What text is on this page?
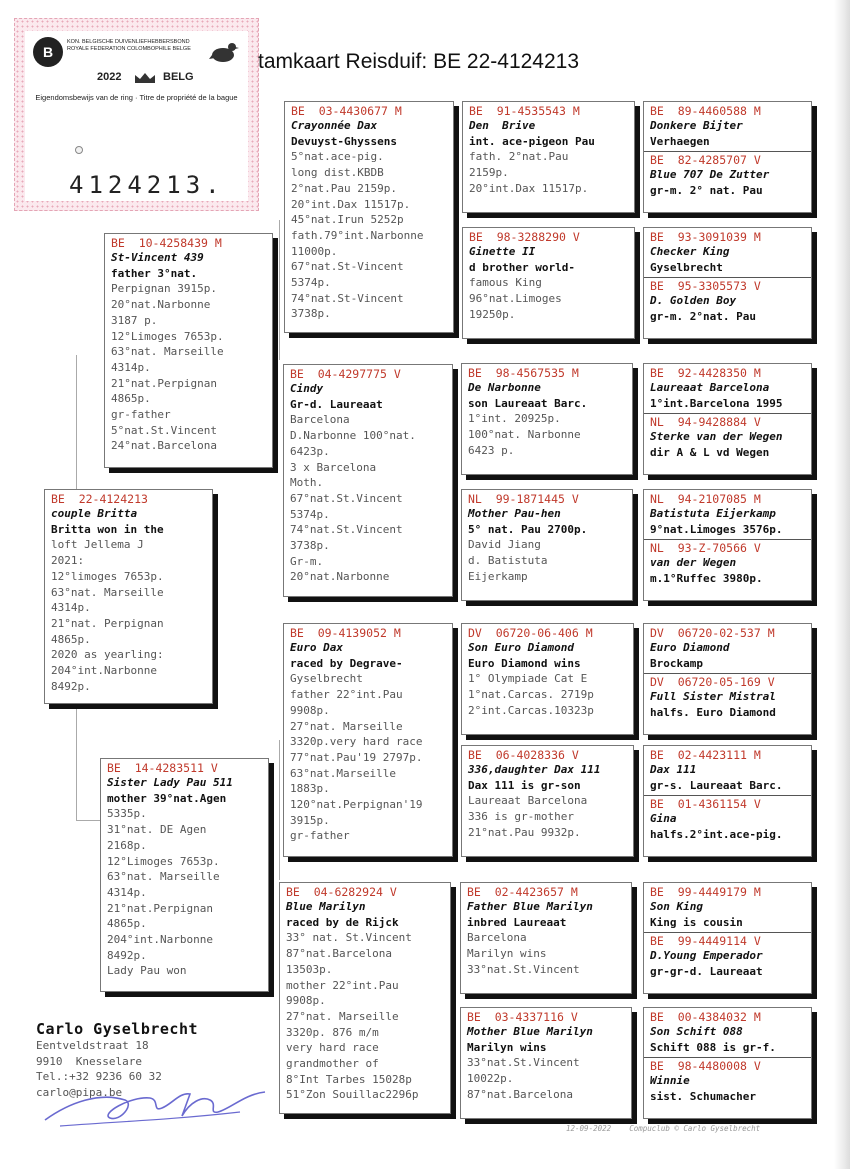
B
KON. BELGISCHE DUIVENLIEFHEBBERSBOND
ROYALE FEDERATION COLOMBOPHILE BELGE
2022	BELG
Eigendomsbewijs van de ring · Titre de propriété de la bague
4124213.
tamkaart Reisduif: BE 22-4124213
BE  22-4124213
couple Britta
Britta won in the
loft Jellema J
2021:
12°limoges 7653p.
63°nat. Marseille
4314p.
21°nat. Perpignan
4865p.
2020 as yearling:
204°int.Narbonne
8492p.
BE  10-4258439 M
St-Vincent 439
father 3°nat.
Perpignan 3915p.
20°nat.Narbonne
3187 p.
12°Limoges 7653p.
63°nat. Marseille
4314p.
21°nat.Perpignan
4865p.
gr-father
5°nat.St.Vincent
24°nat.Barcelona
BE  14-4283511 V
Sister Lady Pau 511
mother 39°nat.Agen
5335p.
31°nat. DE Agen
2168p.
12°Limoges 7653p.
63°nat. Marseille
4314p.
21°nat.Perpignan
4865p.
204°int.Narbonne
8492p.
Lady Pau won
BE  03-4430677 M
Crayonnée Dax
Devuyst-Ghyssens
5°nat.ace-pig.
long dist.KBDB
2°nat.Pau 2159p.
20°int.Dax 11517p.
45°nat.Irun 5252p
fath.79°int.Narbonne
11000p.
67°nat.St-Vincent
5374p.
74°nat.St-Vincent
3738p.
BE  04-4297775 V
Cindy
Gr-d. Laureaat
Barcelona
D.Narbonne 100°nat.
6423p.
3 x Barcelona
Moth.
67°nat.St.Vincent
5374p.
74°nat.St.Vincent
3738p.
Gr-m.
20°nat.Narbonne
BE  09-4139052 M
Euro Dax
raced by Degrave-
Gyselbrecht
father 22°int.Pau
9908p.
27°nat. Marseille
3320p.very hard race
77°nat.Pau'19 2797p.
63°nat.Marseille
1883p.
120°nat.Perpignan'19
3915p.
gr-father
BE  04-6282924 V
Blue Marilyn
raced by de Rijck
33° nat. St.Vincent
87°nat.Barcelona
13503p.
mother 22°int.Pau
9908p.
27°nat. Marseille
3320p. 876 m/m
very hard race
grandmother of
8°Int Tarbes 15028p
51°Zon Souillac2296p
BE  91-4535543 M
Den  Brive
int. ace-pigeon Pau
fath. 2°nat.Pau
2159p.
20°int.Dax 11517p.
BE  98-3288290 V
Ginette II
d brother world-
famous King
96°nat.Limoges
19250p.
BE  98-4567535 M
De Narbonne
son Laureaat Barc.
1°int. 20925p.
100°nat. Narbonne
6423 p.
NL  99-1871445 V
Mother Pau-hen
5° nat. Pau 2700p.
David Jiang
d. Batistuta
Eijerkamp
DV  06720-06-406 M
Son Euro Diamond
Euro Diamond wins
1° Olympiade Cat E
1°nat.Carcas. 2719p
2°int.Carcas.10323p
BE  06-4028336 V
336,daughter Dax 111
Dax 111 is gr-son
Laureaat Barcelona
336 is gr-mother
21°nat.Pau 9932p.
BE  02-4423657 M
Father Blue Marilyn
inbred Laureaat
Barcelona
Marilyn wins
33°nat.St.Vincent
BE  03-4337116 V
Mother Blue Marilyn
Marilyn wins
33°nat.St.Vincent
10022p.
87°nat.Barcelona
BE  89-4460588 M
Donkere Bijter
Verhaegen
BE  82-4285707 V
Blue 707 De Zutter
gr-m. 2° nat. Pau
BE  93-3091039 M
Checker King
Gyselbrecht
BE  95-3305573 V
D. Golden Boy
gr-m. 2°nat. Pau
BE  92-4428350 M
Laureaat Barcelona
1°int.Barcelona 1995
NL  94-9428884 V
Sterke van der Wegen
dir A & L vd Wegen
NL  94-2107085 M
Batistuta Eijerkamp
9°nat.Limoges 3576p.
NL  93-Z-70566 V
van der Wegen
m.1°Ruffec 3980p.
DV  06720-02-537 M
Euro Diamond
Brockamp
DV  06720-05-169 V
Full Sister Mistral
halfs. Euro Diamond
BE  02-4423111 M
Dax 111
gr-s. Laureaat Barc.
BE  01-4361154 V
Gina
halfs.2°int.ace-pig.
BE  99-4449179 M
Son King
King is cousin
BE  99-4449114 V
D.Young Emperador
gr-gr-d. Laureaat
BE  00-4384032 M
Son Schift 088
Schift 088 is gr-f.
BE  98-4480008 V
Winnie
sist. Schumacher
Carlo Gyselbrecht
Eentveldstraat 18
9910  Knesselare
Tel.:+32 9236 60 32
carlo@pipa.be
12-09-2022    Compuclub © Carlo Gyselbrecht
